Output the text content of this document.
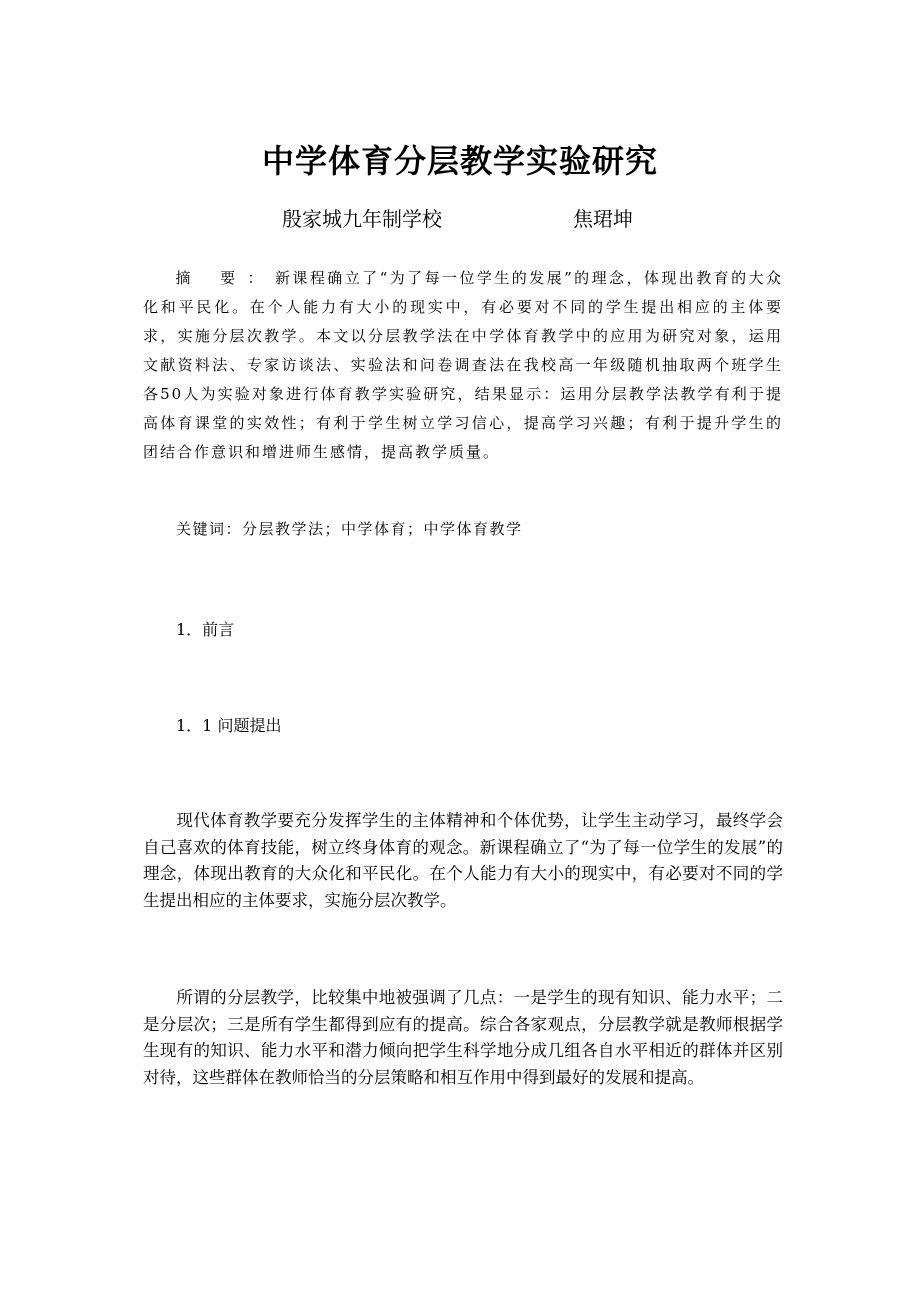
中学体育分层教学实验研究
殷家城九年制学校	焦珺坤

摘 要：新课程确立了“为了每一位学生的发展”的理念，体现出教育的大众化和平民化。在个人能力有大小的现实中，有必要对不同的学生提出相应的主体要求，实施分层次教学。本文以分层教学法在中学体育教学中的应用为研究对象，运用文献资料法、专家访谈法、实验法和问卷调查法在我校高一年级随机抽取两个班学生各50人为实验对象进行体育教学实验研究，结果显示：运用分层教学法教学有利于提高体育课堂的实效性；有利于学生树立学习信心，提高学习兴趣；有利于提升学生的团结合作意识和增进师生感情，提高教学质量。

关键词：分层教学法；中学体育；中学体育教学

1．前言

1．1 问题提出

现代体育教学要充分发挥学生的主体精神和个体优势，让学生主动学习，最终学会自己喜欢的体育技能，树立终身体育的观念。新课程确立了“为了每一位学生的发展”的理念，体现出教育的大众化和平民化。在个人能力有大小的现实中，有必要对不同的学生提出相应的主体要求，实施分层次教学。

所谓的分层教学，比较集中地被强调了几点：一是学生的现有知识、能力水平；二是分层次；三是所有学生都得到应有的提高。综合各家观点，分层教学就是教师根据学生现有的知识、能力水平和潜力倾向把学生科学地分成几组各自水平相近的群体并区别对待，这些群体在教师恰当的分层策略和相互作用中得到最好的发展和提高。
